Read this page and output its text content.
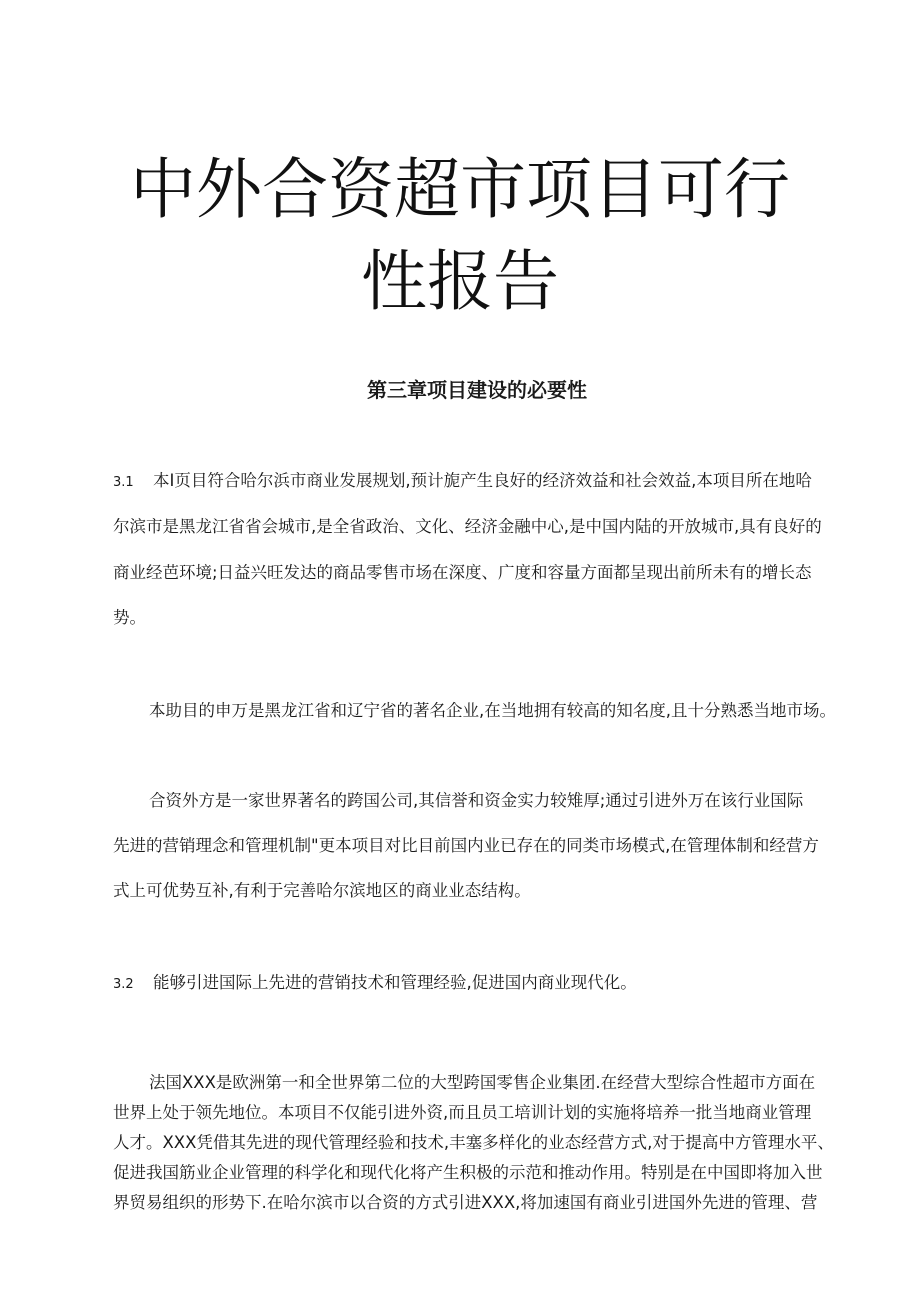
中外合资超市项目可行
性报告
第三章项目建设的必要性

3.1 本I页目符合哈尔浜市商业发展规划,预计旎产生良好的经济效益和社会效益,本项目所在地哈

尔滨市是黑龙江省省会城市,是全省政治、文化、经济金融中心,是中国内陆的开放城市,具有良好的

商业经芭环境;日益兴旺发达的商品零售市场在深度、广度和容量方面都呈现出前所未有的增长态

势。

本助目的申万是黑龙江省和辽宁省的著名企业,在当地拥有较高的知名度,且十分熟悉当地市场。

合资外方是一家世界著名的跨国公司,其信誉和资金实力较雉厚;通过引进外万在该行业国际

先进的营销理念和管理机制"更本项目对比目前国内业已存在的同类市场模式,在管理体制和经营方

式上可优势互补,有利于完善哈尔滨地区的商业业态结构。

3.2 能够引进国际上先进的营销技术和管理经验,促进国内商业现代化。

法国XXX是欧洲第一和全世界第二位的大型跨国零售企业集团.在经营大型综合性超市方面在

世界上处于领先地位。本项目不仅能引进外资,而且员工培训计划的实施将培养一批当地商业管理

人才。XXX凭借其先进的现代管理经验和技术,丰塞多样化的业态经营方式,对于提高中方管理水平、

促进我国筋业企业管理的科学化和现代化将产生积极的示范和推动作用。特别是在中国即将加入世

界贸易组织的形势下.在哈尔滨市以合资的方式引进XXX,将加速国有商业引进国外先进的管理、营
